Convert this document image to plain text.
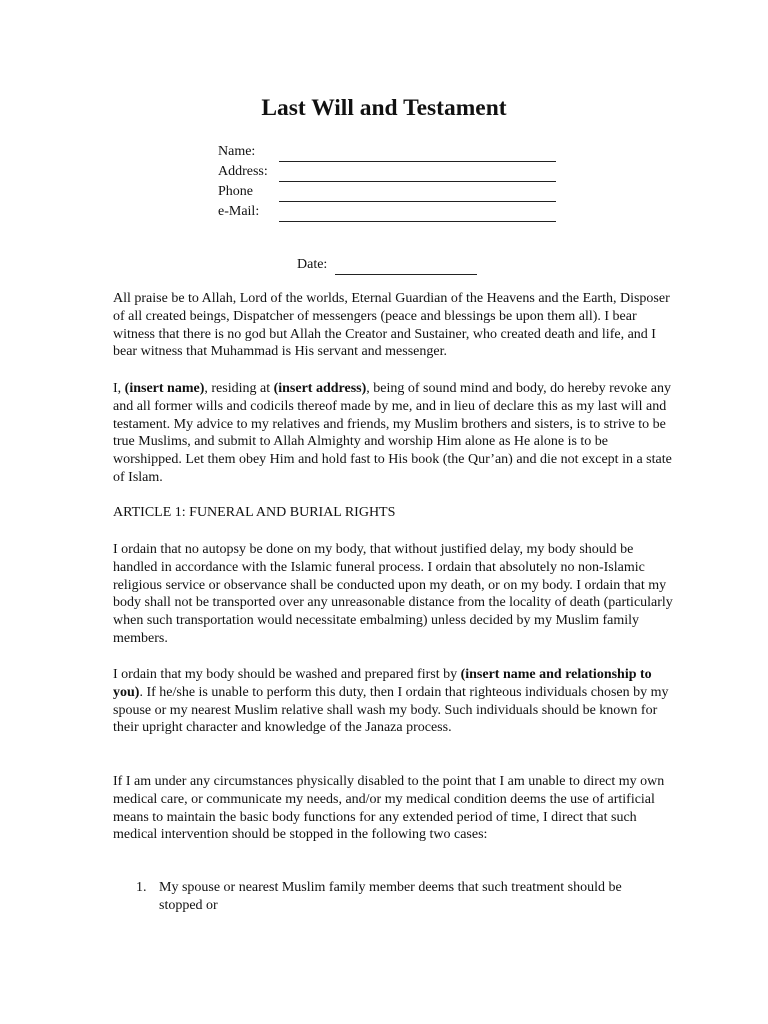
Last Will and Testament
Name:
Address:
Phone
e-Mail:
Date:

All praise be to Allah, Lord of the worlds, Eternal Guardian of the Heavens and the Earth, Disposer of all created beings, Dispatcher of messengers (peace and blessings be upon them all). I bear witness that there is no god but Allah the Creator and Sustainer, who created death and life, and I bear witness that Muhammad is His servant and messenger.

I, (insert name), residing at (insert address), being of sound mind and body, do hereby revoke any and all former wills and codicils thereof made by me, and in lieu of declare this as my last will and testament. My advice to my relatives and friends, my Muslim brothers and sisters, is to strive to be true Muslims, and submit to Allah Almighty and worship Him alone as He alone is to be worshipped. Let them obey Him and hold fast to His book (the Qur’an) and die not except in a state of Islam.

ARTICLE 1: FUNERAL AND BURIAL RIGHTS

I ordain that no autopsy be done on my body, that without justified delay, my body should be handled in accordance with the Islamic funeral process. I ordain that absolutely no non-Islamic religious service or observance shall be conducted upon my death, or on my body. I ordain that my body shall not be transported over any unreasonable distance from the locality of death (particularly when such transportation would necessitate embalming) unless decided by my Muslim family members.

I ordain that my body should be washed and prepared first by (insert name and relationship to you). If he/she is unable to perform this duty, then I ordain that righteous individuals chosen by my spouse or my nearest Muslim relative shall wash my body. Such individuals should be known for their upright character and knowledge of the Janaza process.

If I am under any circumstances physically disabled to the point that I am unable to direct my own medical care, or communicate my needs, and/or my medical condition deems the use of artificial means to maintain the basic body functions for any extended period of time, I direct that such medical intervention should be stopped in the following two cases:

1. My spouse or nearest Muslim family member deems that such treatment should be stopped or
